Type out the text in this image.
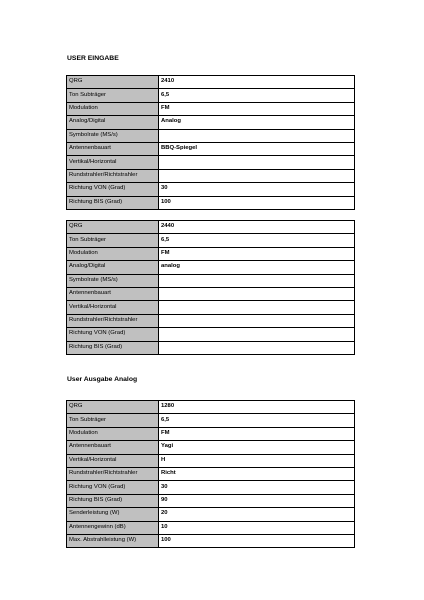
USER EINGABE
QRG	2410
Ton Subträger	6,5
Modulation	FM
Analog/Digital	Analog
Symbolrate (MS/s)	
Antennenbauart	BBQ-Spiegel
Vertikal/Horizontal	
Rundstrahler/Richtstrahler	
Richtung VON (Grad)	30
Richtung BIS (Grad)	100
QRG	2440
Ton Subträger	6,5
Modulation	FM
Analog/Digital	analog
Symbolrate (MS/s)	
Antennenbauart	
Vertikal/Horizontal	
Rundstrahler/Richtstrahler	
Richtung VON (Grad)	
Richtung BIS (Grad)	
User Ausgabe Analog
QRG	1280
Ton Subträger	6,5
Modulation	FM
Antennenbauart	Yagi
Vertikal/Horizontal	H
Rundstrahler/Richtstrahler	Richt
Richtung VON (Grad)	30
Richtung BIS (Grad)	90
Senderleistung (W)	20
Antennengewinn (dB)	10
Max. Abstrahlleistung (W)	100
